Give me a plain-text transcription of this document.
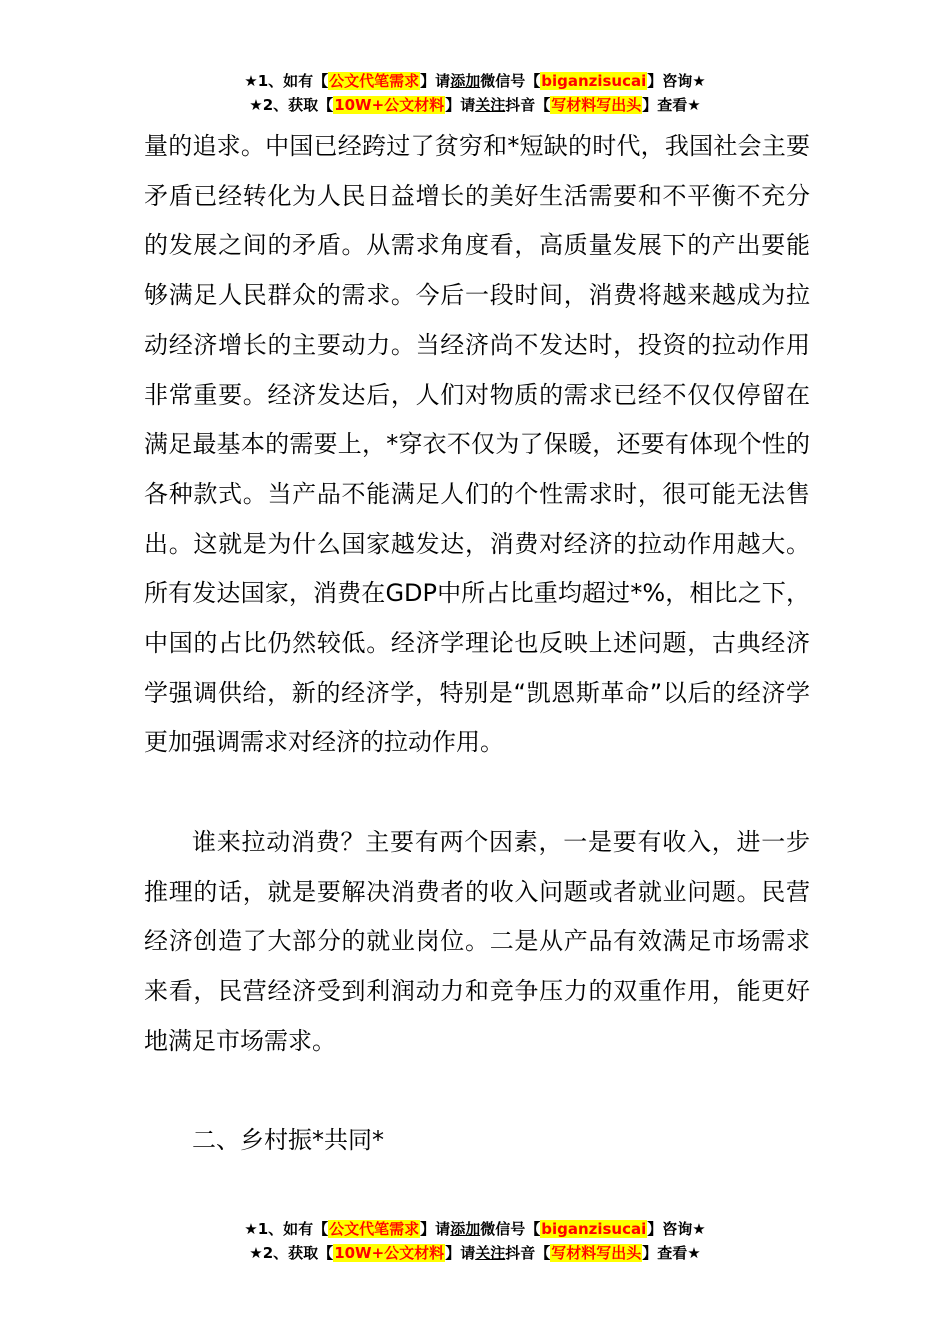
★1、如有【公文代笔需求】请添加微信号【biganzisucai】咨询★
★2、获取【10W+公文材料】请关注抖音【写材料写出头】查看★

量的追求。中国已经跨过了贫穷和*短缺的时代，我国社会主要矛盾已经转化为人民日益增长的美好生活需要和不平衡不充分的发展之间的矛盾。从需求角度看，高质量发展下的产出要能够满足人民群众的需求。今后一段时间，消费将越来越成为拉动经济增长的主要动力。当经济尚不发达时，投资的拉动作用非常重要。经济发达后，人们对物质的需求已经不仅仅停留在满足最基本的需要上，*穿衣不仅为了保暖，还要有体现个性的各种款式。当产品不能满足人们的个性需求时，很可能无法售出。这就是为什么国家越发达，消费对经济的拉动作用越大。所有发达国家，消费在GDP中所占比重均超过*%，相比之下，中国的占比仍然较低。经济学理论也反映上述问题，古典经济学强调供给，新的经济学，特别是“凯恩斯革命”以后的经济学更加强调需求对经济的拉动作用。

谁来拉动消费？主要有两个因素，一是要有收入，进一步推理的话，就是要解决消费者的收入问题或者就业问题。民营经济创造了大部分的就业岗位。二是从产品有效满足市场需求来看，民营经济受到利润动力和竞争压力的双重作用，能更好地满足市场需求。

二、乡村振*共同*

★1、如有【公文代笔需求】请添加微信号【biganzisucai】咨询★
★2、获取【10W+公文材料】请关注抖音【写材料写出头】查看★
